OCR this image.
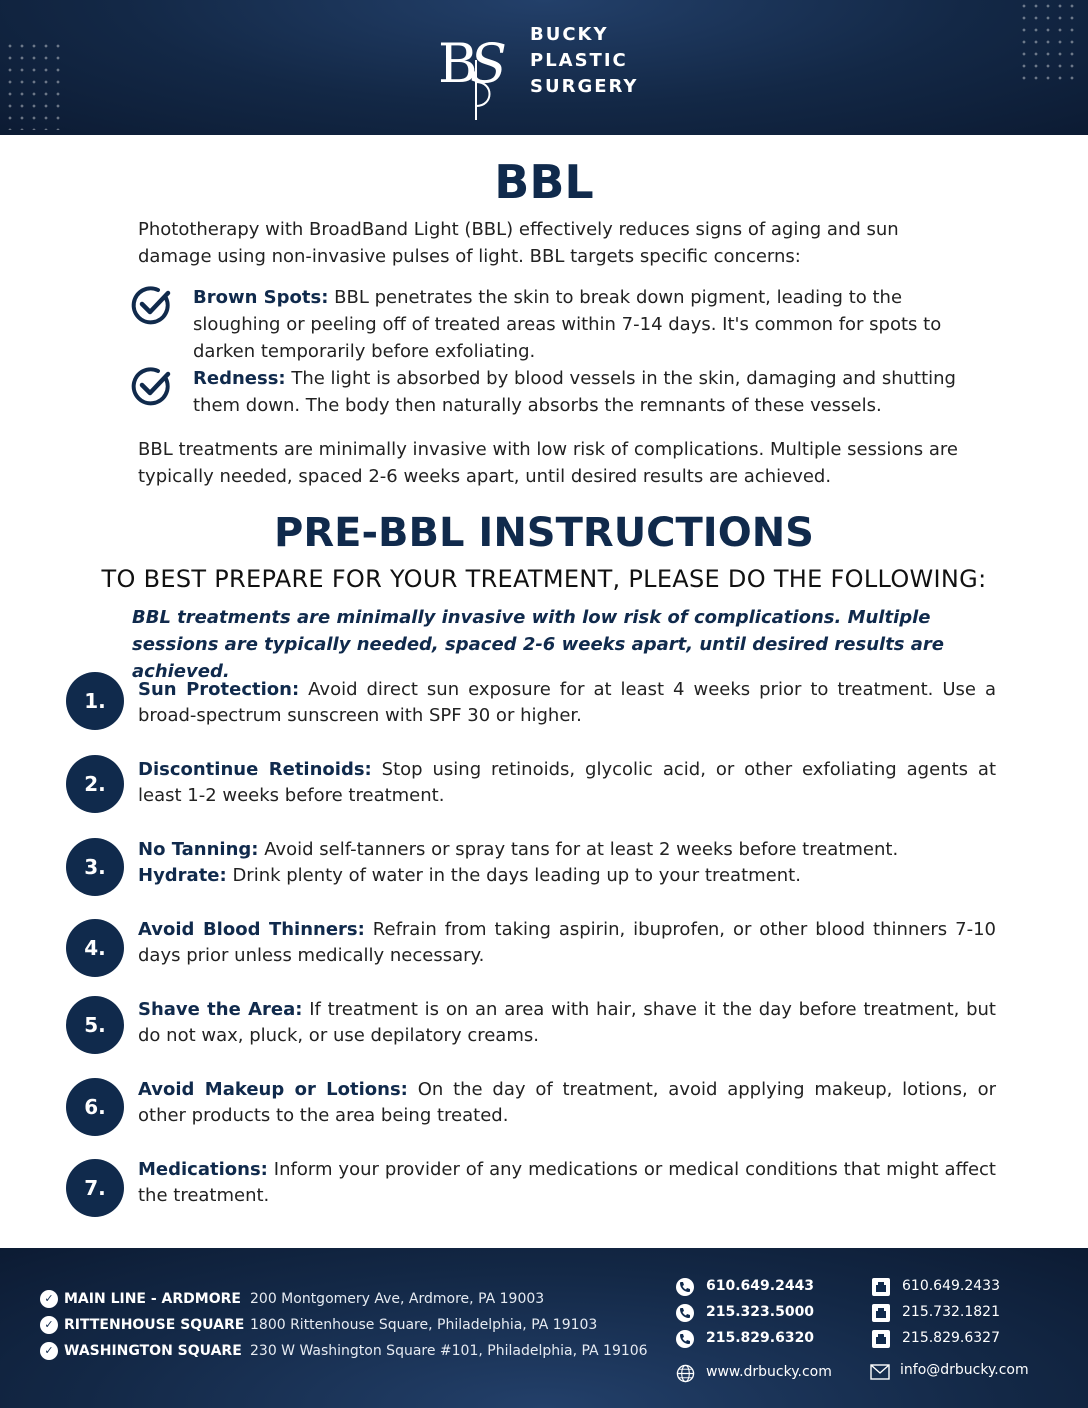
B
S BUCKY
PLASTIC
SURGERY
BBL
Phototherapy with BroadBand Light (BBL) effectively reduces signs of aging and sun damage using non-invasive pulses of light. BBL targets specific concerns:
Brown Spots: BBL penetrates the skin to break down pigment, leading to the sloughing or peeling off of treated areas within 7-14 days. It's common for spots to darken temporarily before exfoliating.
Redness: The light is absorbed by blood vessels in the skin, damaging and shutting them down. The body then naturally absorbs the remnants of these vessels.
BBL treatments are minimally invasive with low risk of complications. Multiple sessions are typically needed, spaced 2-6 weeks apart, until desired results are achieved.
PRE-BBL INSTRUCTIONS
TO BEST PREPARE FOR YOUR TREATMENT, PLEASE DO THE FOLLOWING:
BBL treatments are minimally invasive with low risk of complications. Multiple sessions are typically needed, spaced 2-6 weeks apart, until desired results are achieved.
1.	Sun Protection: Avoid direct sun exposure for at least 4 weeks prior to treatment. Use a broad-spectrum sunscreen with SPF 30 or higher.
2.
Discontinue Retinoids: Stop using retinoids, glycolic acid, or other exfoliating agents at least 1-2 weeks before treatment.
3.
No Tanning: Avoid self-tanners or spray tans for at least 2 weeks before treatment.
Hydrate: Drink plenty of water in the days leading up to your treatment.
4.
Avoid Blood Thinners: Refrain from taking aspirin, ibuprofen, or other blood thinners 7-10 days prior unless medically necessary.
5.
Shave the Area: If treatment is on an area with hair, shave it the day before treatment, but do not wax, pluck, or use depilatory creams.
6.
Avoid Makeup or Lotions: On the day of treatment, avoid applying makeup, lotions, or other products to the area being treated.
7.
Medications: Inform your provider of any medications or medical conditions that might affect the treatment.
✓ MAIN LINE - ARDMORE 200 Montgomery Ave, Ardmore, PA 19003
✓ RITTENHOUSE SQUARE 1800 Rittenhouse Square, Philadelphia, PA 19103
✓ WASHINGTON SQUARE 230 W Washington Square #101, Philadelphia, PA 19106
610.649.2443
215.323.5000
215.829.6320
610.649.2433
215.732.1821
215.829.6327
www.drbucky.com	info@drbucky.com
